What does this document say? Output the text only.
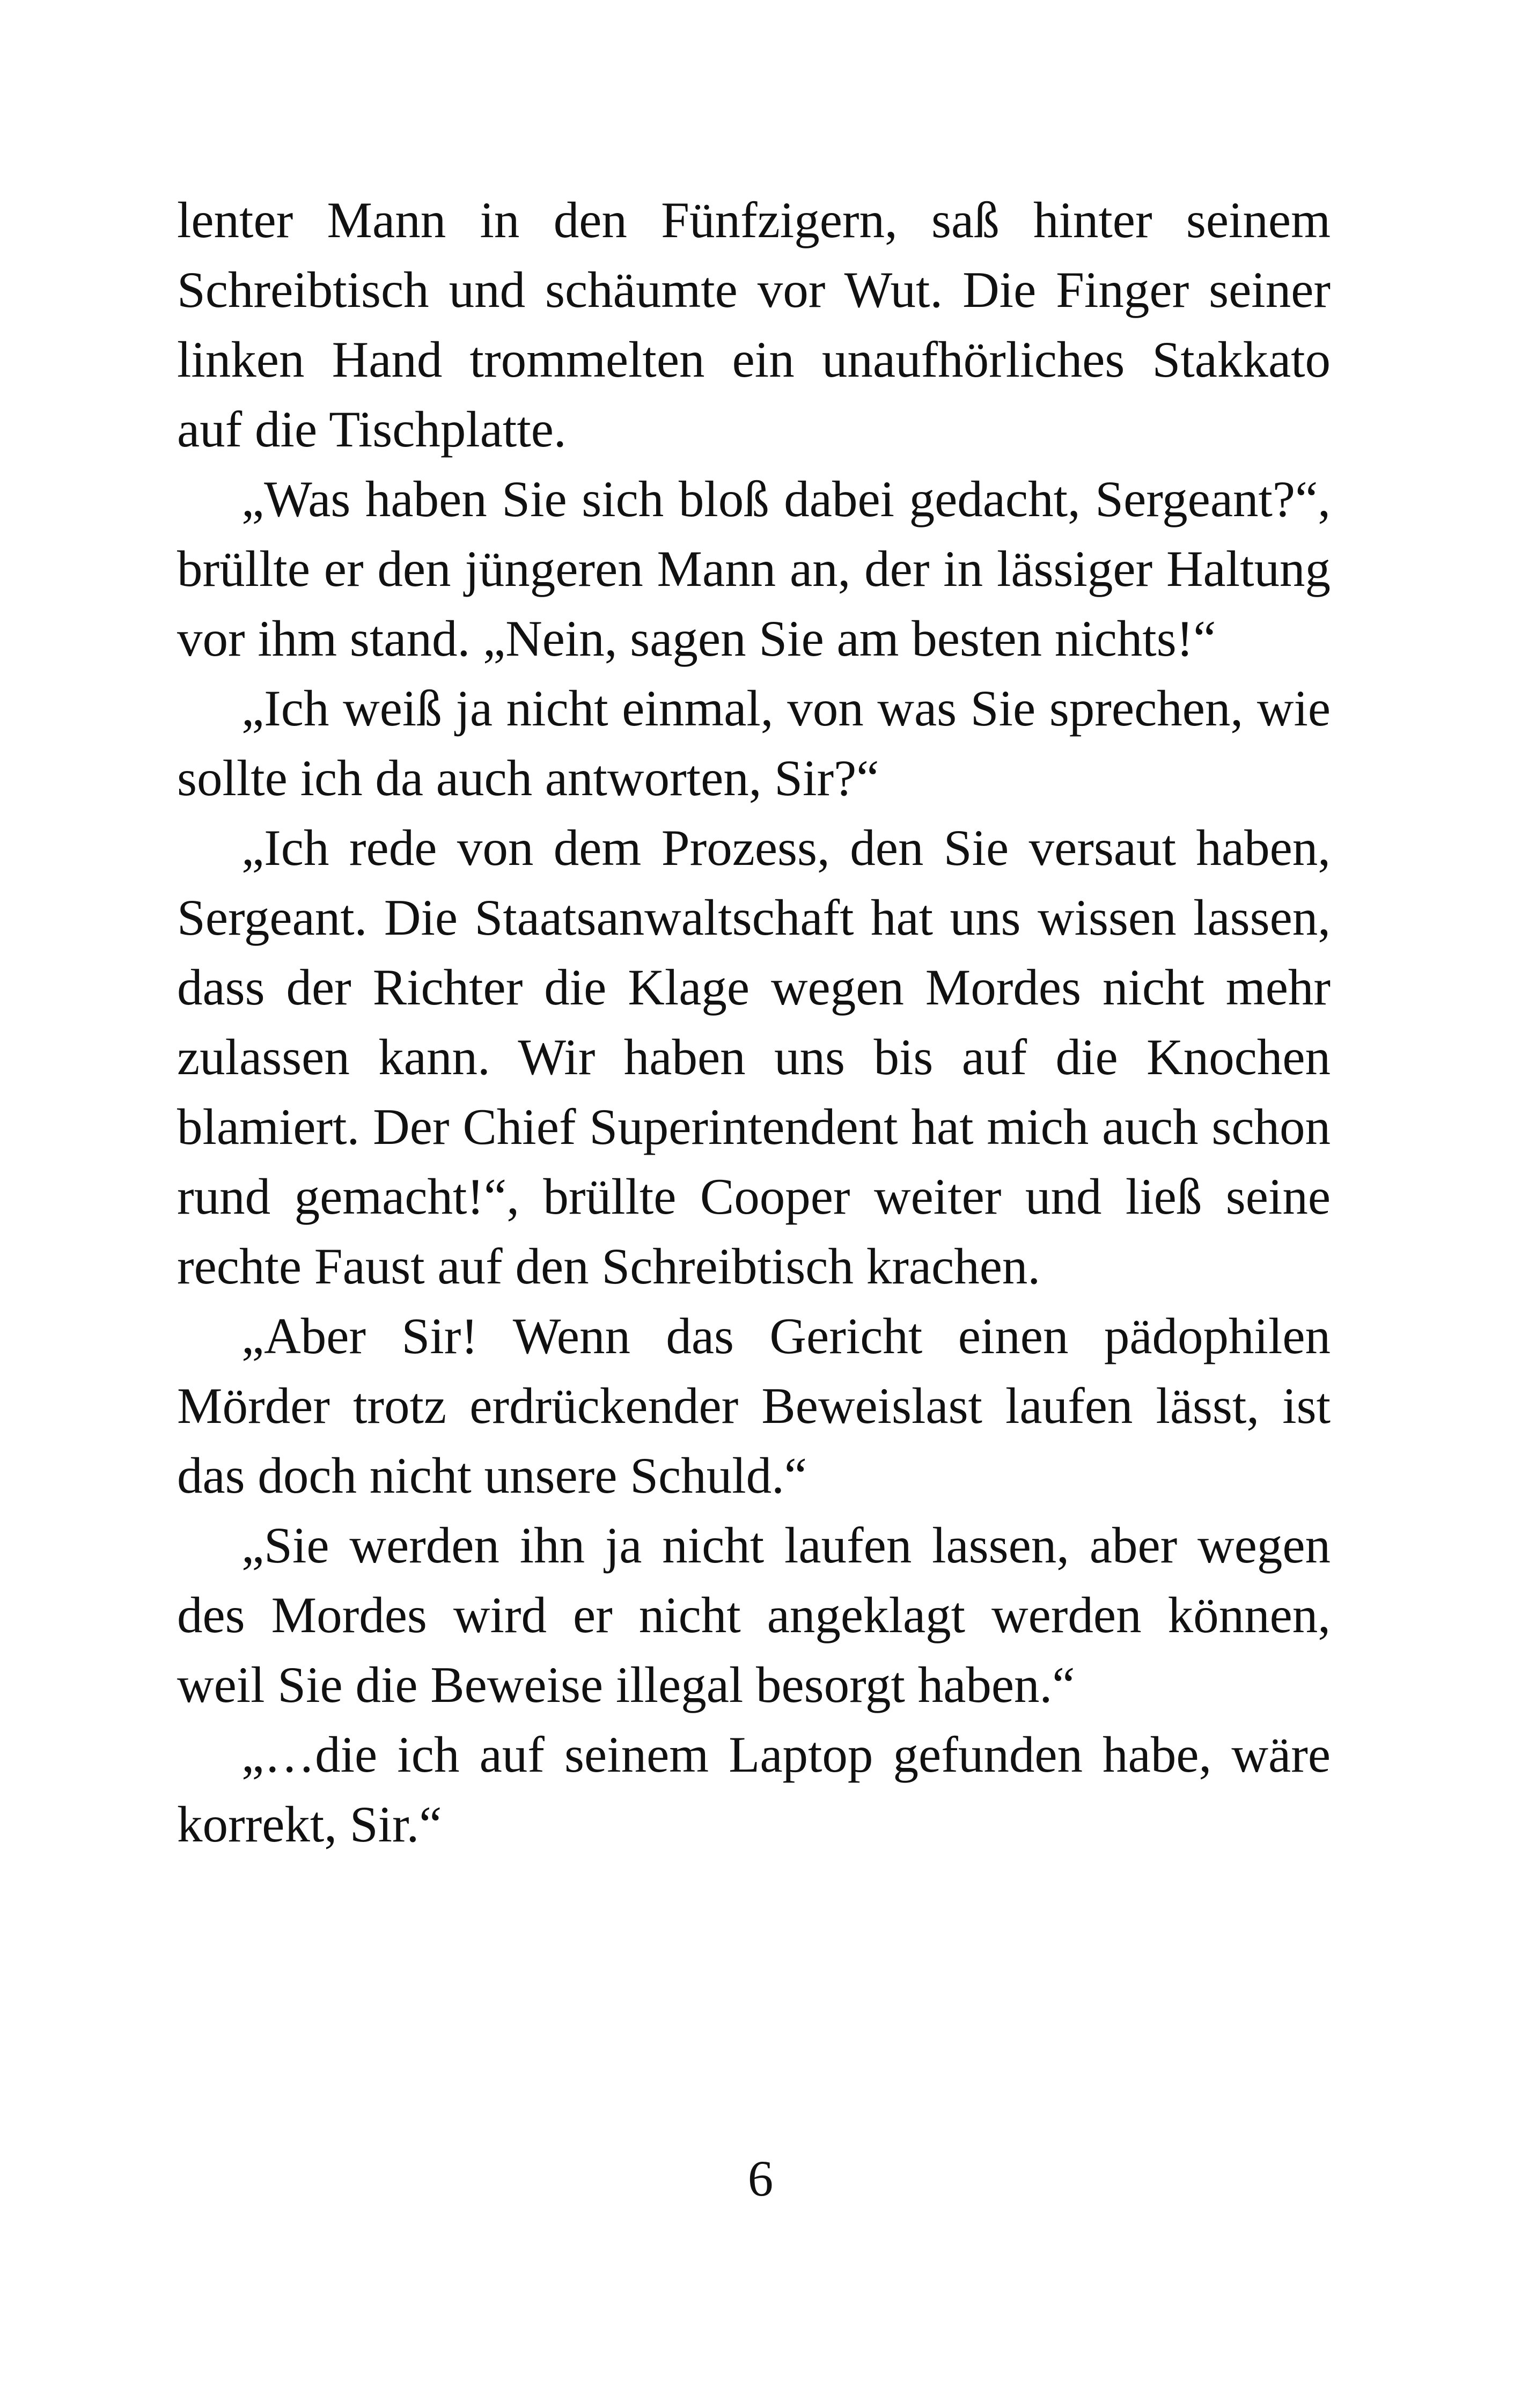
lenter Mann in den Fünfzigern, saß hinter seinem Schreibtisch und schäumte vor Wut. Die Finger seiner linken Hand trommelten ein unaufhörliches Stakkato auf die Tischplatte.

„Was haben Sie sich bloß dabei gedacht, Sergeant?“, brüllte er den jüngeren Mann an, der in lässiger Haltung vor ihm stand. „Nein, sagen Sie am besten nichts!“

„Ich weiß ja nicht einmal, von was Sie sprechen, wie sollte ich da auch antworten, Sir?“

„Ich rede von dem Prozess, den Sie versaut haben, Sergeant. Die Staatsanwaltschaft hat uns wissen lassen, dass der Richter die Klage wegen Mordes nicht mehr zulassen kann. Wir haben uns bis auf die Knochen blamiert. Der Chief Superintendent hat mich auch schon rund gemacht!“, brüllte Cooper weiter und ließ seine rechte Faust auf den Schreibtisch krachen.

„Aber Sir! Wenn das Gericht einen pädophilen Mörder trotz erdrückender Beweislast laufen lässt, ist das doch nicht unsere Schuld.“

„Sie werden ihn ja nicht laufen lassen, aber wegen des Mordes wird er nicht angeklagt werden können, weil Sie die Beweise illegal besorgt haben.“

„…die ich auf seinem Laptop gefunden habe, wäre korrekt, Sir.“

6
